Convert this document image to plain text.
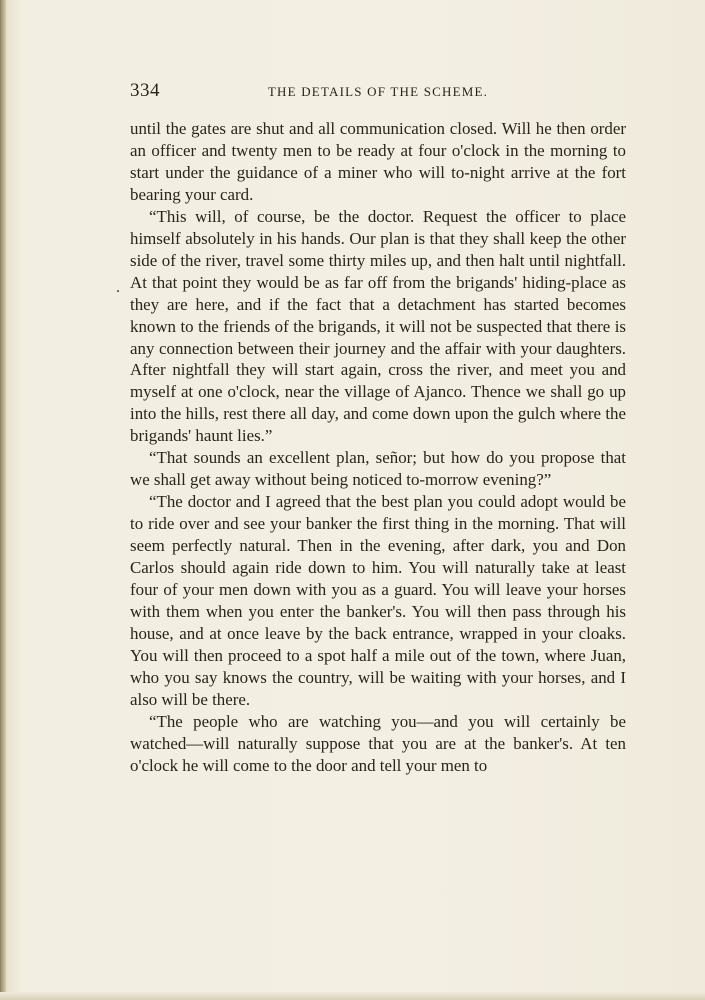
334	THE DETAILS OF THE SCHEME.
.

until the gates are shut and all communication closed. Will he then order an officer and twenty men to be ready at four o'clock in the morning to start under the guidance of a miner who will to-night arrive at the fort bearing your card.

“This will, of course, be the doctor. Request the officer to place himself absolutely in his hands. Our plan is that they shall keep the other side of the river, travel some thirty miles up, and then halt until nightfall. At that point they would be as far off from the brigands' hiding-place as they are here, and if the fact that a detachment has started becomes known to the friends of the brigands, it will not be suspected that there is any connection between their journey and the affair with your daughters. After nightfall they will start again, cross the river, and meet you and myself at one o'clock, near the village of Ajanco. Thence we shall go up into the hills, rest there all day, and come down upon the gulch where the brigands' haunt lies.”

“That sounds an excellent plan, señor; but how do you propose that we shall get away without being noticed to-morrow evening?”

“The doctor and I agreed that the best plan you could adopt would be to ride over and see your banker the first thing in the morning. That will seem perfectly natural. Then in the evening, after dark, you and Don Carlos should again ride down to him. You will naturally take at least four of your men down with you as a guard. You will leave your horses with them when you enter the banker's. You will then pass through his house, and at once leave by the back entrance, wrapped in your cloaks. You will then proceed to a spot half a mile out of the town, where Juan, who you say knows the country, will be waiting with your horses, and I also will be there.

“The people who are watching you—and you will certainly be watched—will naturally suppose that you are at the banker's. At ten o'clock he will come to the door and tell your men to
